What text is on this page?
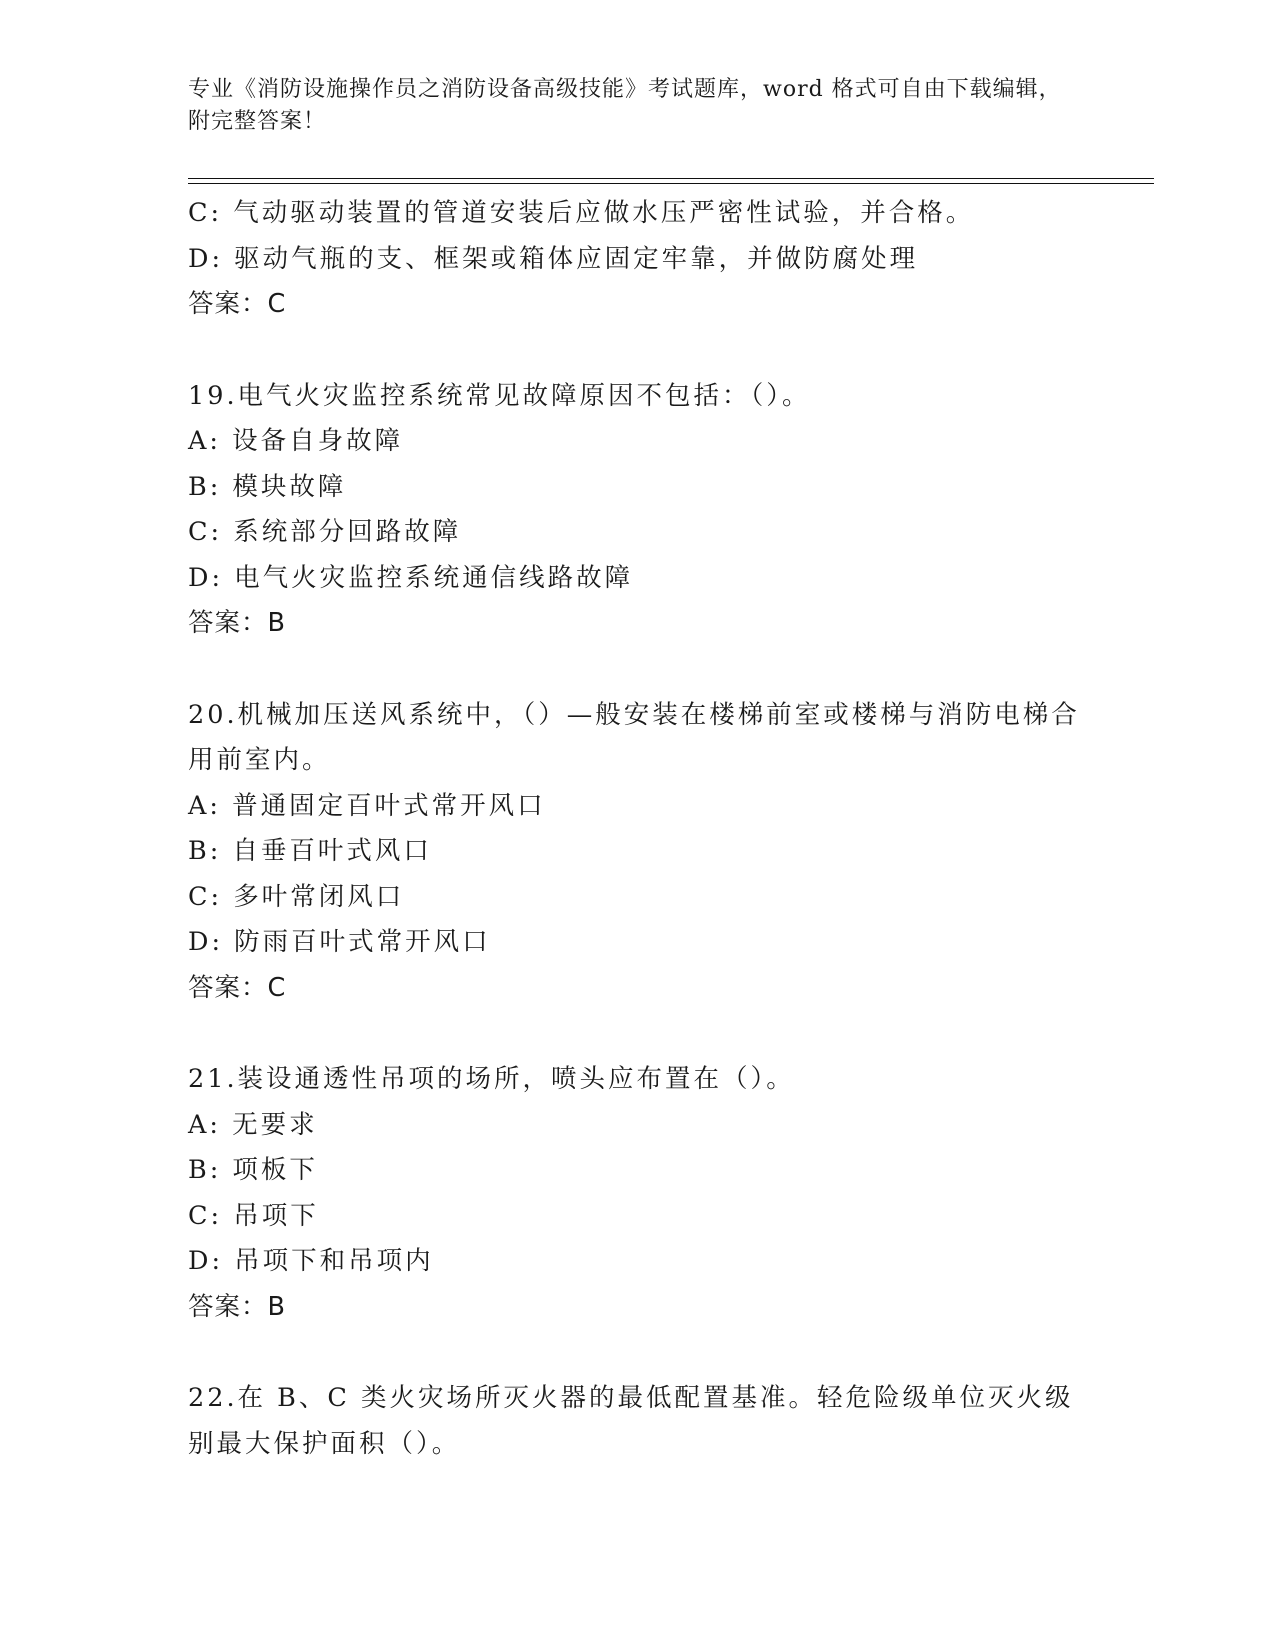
专业《消防设施操作员之消防设备高级技能》考试题库，word 格式可自由下载编辑，附完整答案！
C: 气动驱动装置的管道安装后应做水压严密性试验，并合格。
D: 驱动气瓶的支、框架或箱体应固定牢靠，并做防腐处理
答案：C
19.电气火灾监控系统常见故障原因不包括：（）。
A: 设备自身故障
B: 模块故障
C: 系统部分回路故障
D: 电气火灾监控系统通信线路故障
答案：B
20.机械加压送风系统中，（）—般安装在楼梯前室或楼梯与消防电梯合用前室内。
A: 普通固定百叶式常开风口
B: 自垂百叶式风口
C: 多叶常闭风口
D: 防雨百叶式常开风口
答案：C
21.装设通透性吊项的场所，喷头应布置在（）。
A: 无要求
B: 项板下
C: 吊项下
D: 吊项下和吊项内
答案：B
22.在 B、C 类火灾场所灭火器的最低配置基准。轻危险级单位灭火级别最大保护面积（）。
